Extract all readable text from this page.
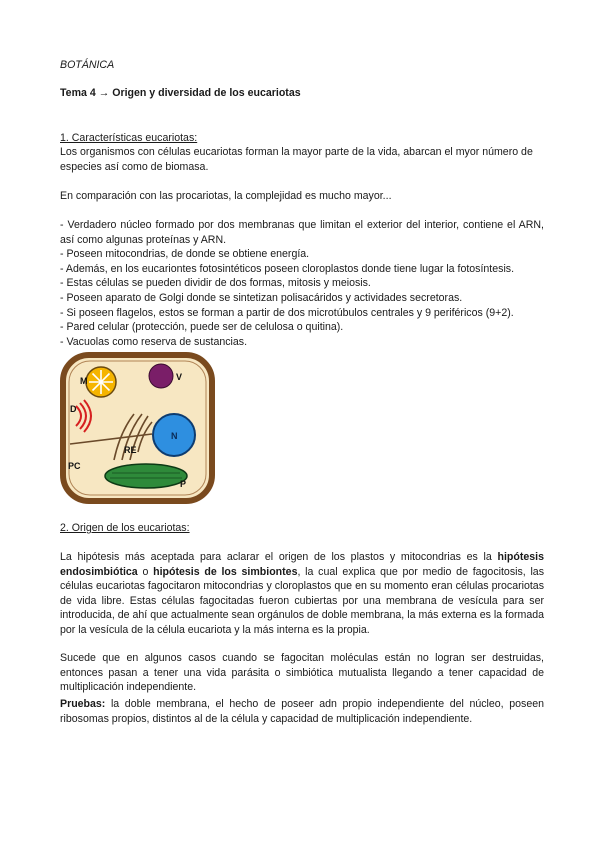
BOTÁNICA
Tema 4 → Origen y diversidad de los eucariotas
1. Características eucariotas:
Los organismos con células eucariotas forman la mayor parte de la vida, abarcan el myor número de especies así como de biomasa.
En comparación con las procariotas, la complejidad es mucho mayor...
- Verdadero núcleo formado por dos membranas que limitan el exterior del interior, contiene el ARN, así como algunas proteínas y ARN.
- Poseen mitocondrias, de donde se obtiene energía.
- Además, en los eucariontes fotosintéticos poseen cloroplastos donde tiene lugar la fotosíntesis.
- Estas células se pueden dividir de dos formas, mitosis y meiosis.
- Poseen aparato de Golgi donde se sintetizan polisacáridos y actividades secretoras.
- Si poseen flagelos, estos se forman a partir de dos microtúbulos centrales y 9 periféricos (9+2).
- Pared celular (protección, puede ser de celulosa o quitina).
- Vacuolas como reserva de sustancias.
M	V
D
RE
N
P
PC
2. Origen de los eucariotas:
La hipótesis más aceptada para aclarar el origen de los plastos y mitocondrias es la hipótesis endosimbiótica o hipótesis de los simbiontes, la cual explica que por medio de fagocitosis, las células eucariotas fagocitaron mitocondrias y cloroplastos que en su momento eran células procariotas de vida libre. Estas células fagocitadas fueron cubiertas por una membrana de vesícula para ser introducida, de ahí que actualmente sean orgánulos de doble membrana, la más externa es la formada por la vesícula de la célula eucariota y la más interna es la propia.
Sucede que en algunos casos cuando se fagocitan moléculas están no logran ser destruidas, entonces pasan a tener una vida parásita o simbiótica mutualista llegando a tener capacidad de multiplicación independiente.
Pruebas: la doble membrana, el hecho de poseer adn propio independiente del núcleo, poseen ribosomas propios, distintos al de la célula y capacidad de multiplicación independiente.
